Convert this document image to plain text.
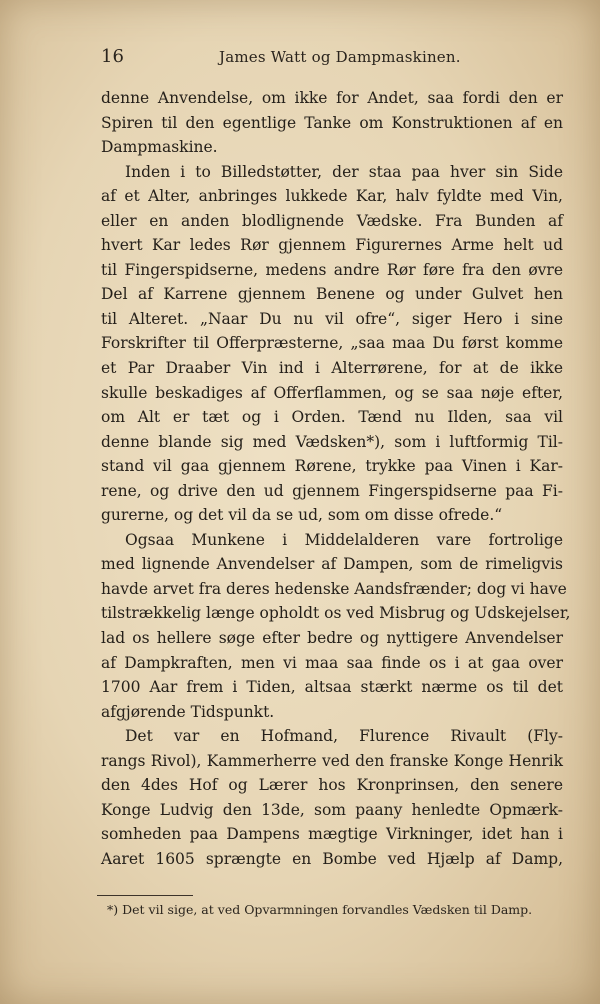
16	James Watt og Dampmaskinen.
denne Anvendelse, om ikke for Andet, saa fordi den er
Spiren til den egentlige Tanke om Konstruktionen af en
Dampmaskine.
Inden i to Billedstøtter, der staa paa hver sin Side
af et Alter, anbringes lukkede Kar, halv fyldte med Vin,
eller en anden blodlignende Vædske. Fra Bunden af
hvert Kar ledes Rør gjennem Figurernes Arme helt ud
til Fingerspidserne, medens andre Rør føre fra den øvre
Del af Karrene gjennem Benene og under Gulvet hen
til Alteret. „Naar Du nu vil ofre“, siger Hero i sine
Forskrifter til Offerpræsterne, „saa maa Du først komme
et Par Draaber Vin ind i Alterrørene, for at de ikke
skulle beskadiges af Offerflammen, og se saa nøje efter,
om Alt er tæt og i Orden. Tænd nu Ilden, saa vil
denne blande sig med Vædsken*), som i luftformig Til-
stand vil gaa gjennem Rørene, trykke paa Vinen i Kar-
rene, og drive den ud gjennem Fingerspidserne paa Fi-
gurerne, og det vil da se ud, som om disse ofrede.“
Ogsaa Munkene i Middelalderen vare fortrolige
med lignende Anvendelser af Dampen, som de rimeligvis
havde arvet fra deres hedenske Aandsfrænder; dog vi have
tilstrækkelig længe opholdt os ved Misbrug og Udskejelser,
lad os hellere søge efter bedre og nyttigere Anvendelser
af Dampkraften, men vi maa saa finde os i at gaa over
1700 Aar frem i Tiden, altsaa stærkt nærme os til det
afgjørende Tidspunkt.
Det var en Hofmand, Flurence Rivault (Fly-
rangs Rivol), Kammerherre ved den franske Konge Henrik
den 4des Hof og Lærer hos Kronprinsen, den senere
Konge Ludvig den 13de, som paany henledte Opmærk-
somheden paa Dampens mægtige Virkninger, idet han i
Aaret 1605 sprængte en Bombe ved Hjælp af Damp,
*) Det vil sige, at ved Opvarmningen forvandles Vædsken til Damp.
